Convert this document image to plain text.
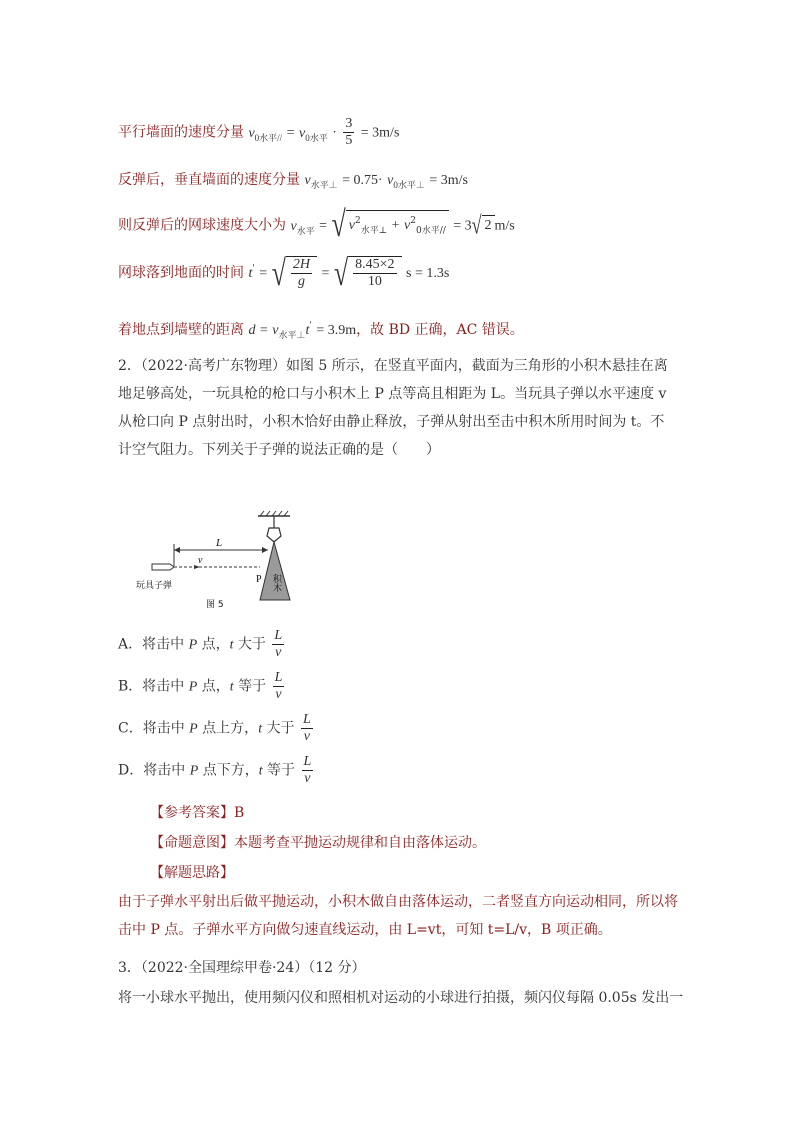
平行墙面的速度分量 $v_{0水平//} = v_{0水平} \cdot \frac{3}{5} = 3m/s$
反弹后，垂直墙面的速度分量 $v_{水平\perp} = 0.75\cdot v_{0水平\perp} = 3m/s$
则反弹后的网球速度大小为 $v_{水平}$ = √ $v^2_{水平\perp} + v^2_{0水平//} = 3√$ 2 m/s
网球落到地面的时间 t' = √ $\frac{2H}{g}$ = √ $\frac{8.45\times 2}{10}$ s = 1.3s
着地点到墙壁的距离 $d = v_{水平\perp}t' = 3.9m$，故 BD 正确，AC 错误。
2．（2022·高考广东物理）如图 5 所示，在竖直平面内，截面为三角形的小积木悬挂在离地足够高处，一玩具枪的枪口与小积木上 P 点等高且相距为 L。当玩具子弹以水平速度 v 从枪口向 P 点射出时，小积木恰好由静止释放，子弹从射出至击中积木所用时间为 t。不计空气阻力。下列关于子弹的说法正确的是（　　）
积木
L
v
P
玩具子弹
图 5
A．将击中 P 点，t 大于 $\frac{L}{v}$
B．将击中 P 点，t 等于 $\frac{L}{v}$
C．将击中 P 点上方，t 大于 $\frac{L}{v}$
D．将击中 P 点下方，t 等于 $\frac{L}{v}$
【参考答案】B
【命题意图】本题考查平抛运动规律和自由落体运动。
【解题思路】
由于子弹水平射出后做平抛运动，小积木做自由落体运动，二者竖直方向运动相同，所以将击中 P 点。子弹水平方向做匀速直线运动，由 L=vt，可知 t=L/v，B 项正确。
3．（2022·全国理综甲卷·24）（12 分）
将一小球水平抛出，使用频闪仪和照相机对运动的小球进行拍摄，频闪仪每隔 0.05s 发出一
